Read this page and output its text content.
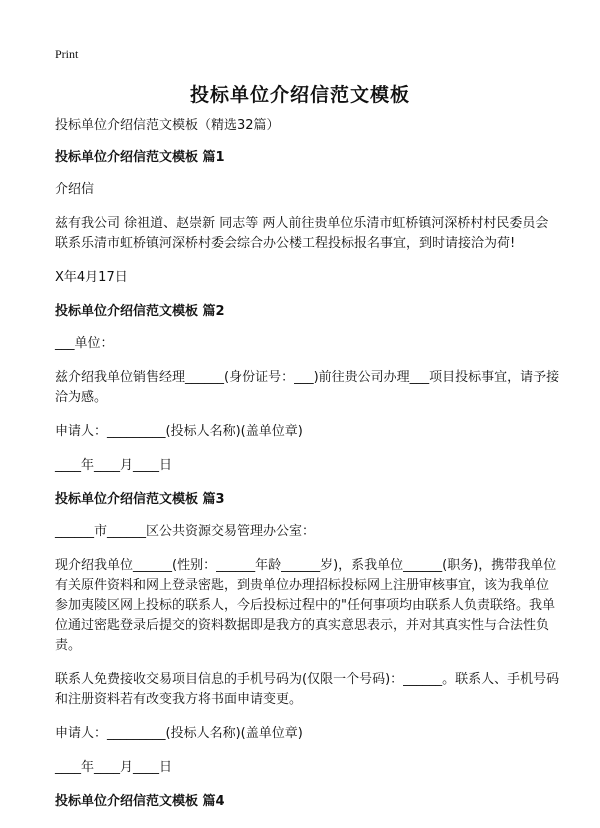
Print
投标单位介绍信范文模板

投标单位介绍信范文模板（精选32篇）

投标单位介绍信范文模板 篇1

介绍信

兹有我公司 徐祖道、赵崇新 同志等 两人前往贵单位乐清市虹桥镇河深桥村村民委员会联系乐清市虹桥镇河深桥村委会综合办公楼工程投标报名事宜，到时请接洽为荷!

X年4月17日

投标单位介绍信范文模板 篇2

___单位：

兹介绍我单位销售经理______(身份证号：___)前往贵公司办理___项目投标事宜，请予接洽为感。

申请人：_________(投标人名称)(盖单位章)

____年____月____日

投标单位介绍信范文模板 篇3

______市______区公共资源交易管理办公室：

现介绍我单位______(性别：______年龄______岁)，系我单位______(职务)，携带我单位有关原件资料和网上登录密匙，到贵单位办理招标投标网上注册审核事宜，该为我单位参加夷陵区网上投标的联系人，今后投标过程中的"任何事项均由联系人负责联络。我单位通过密匙登录后提交的资料数据即是我方的真实意思表示，并对其真实性与合法性负责。

联系人免费接收交易项目信息的手机号码为(仅限一个号码)：______。联系人、手机号码和注册资料若有改变我方将书面申请变更。

申请人：_________(投标人名称)(盖单位章)

____年____月____日

投标单位介绍信范文模板 篇4
